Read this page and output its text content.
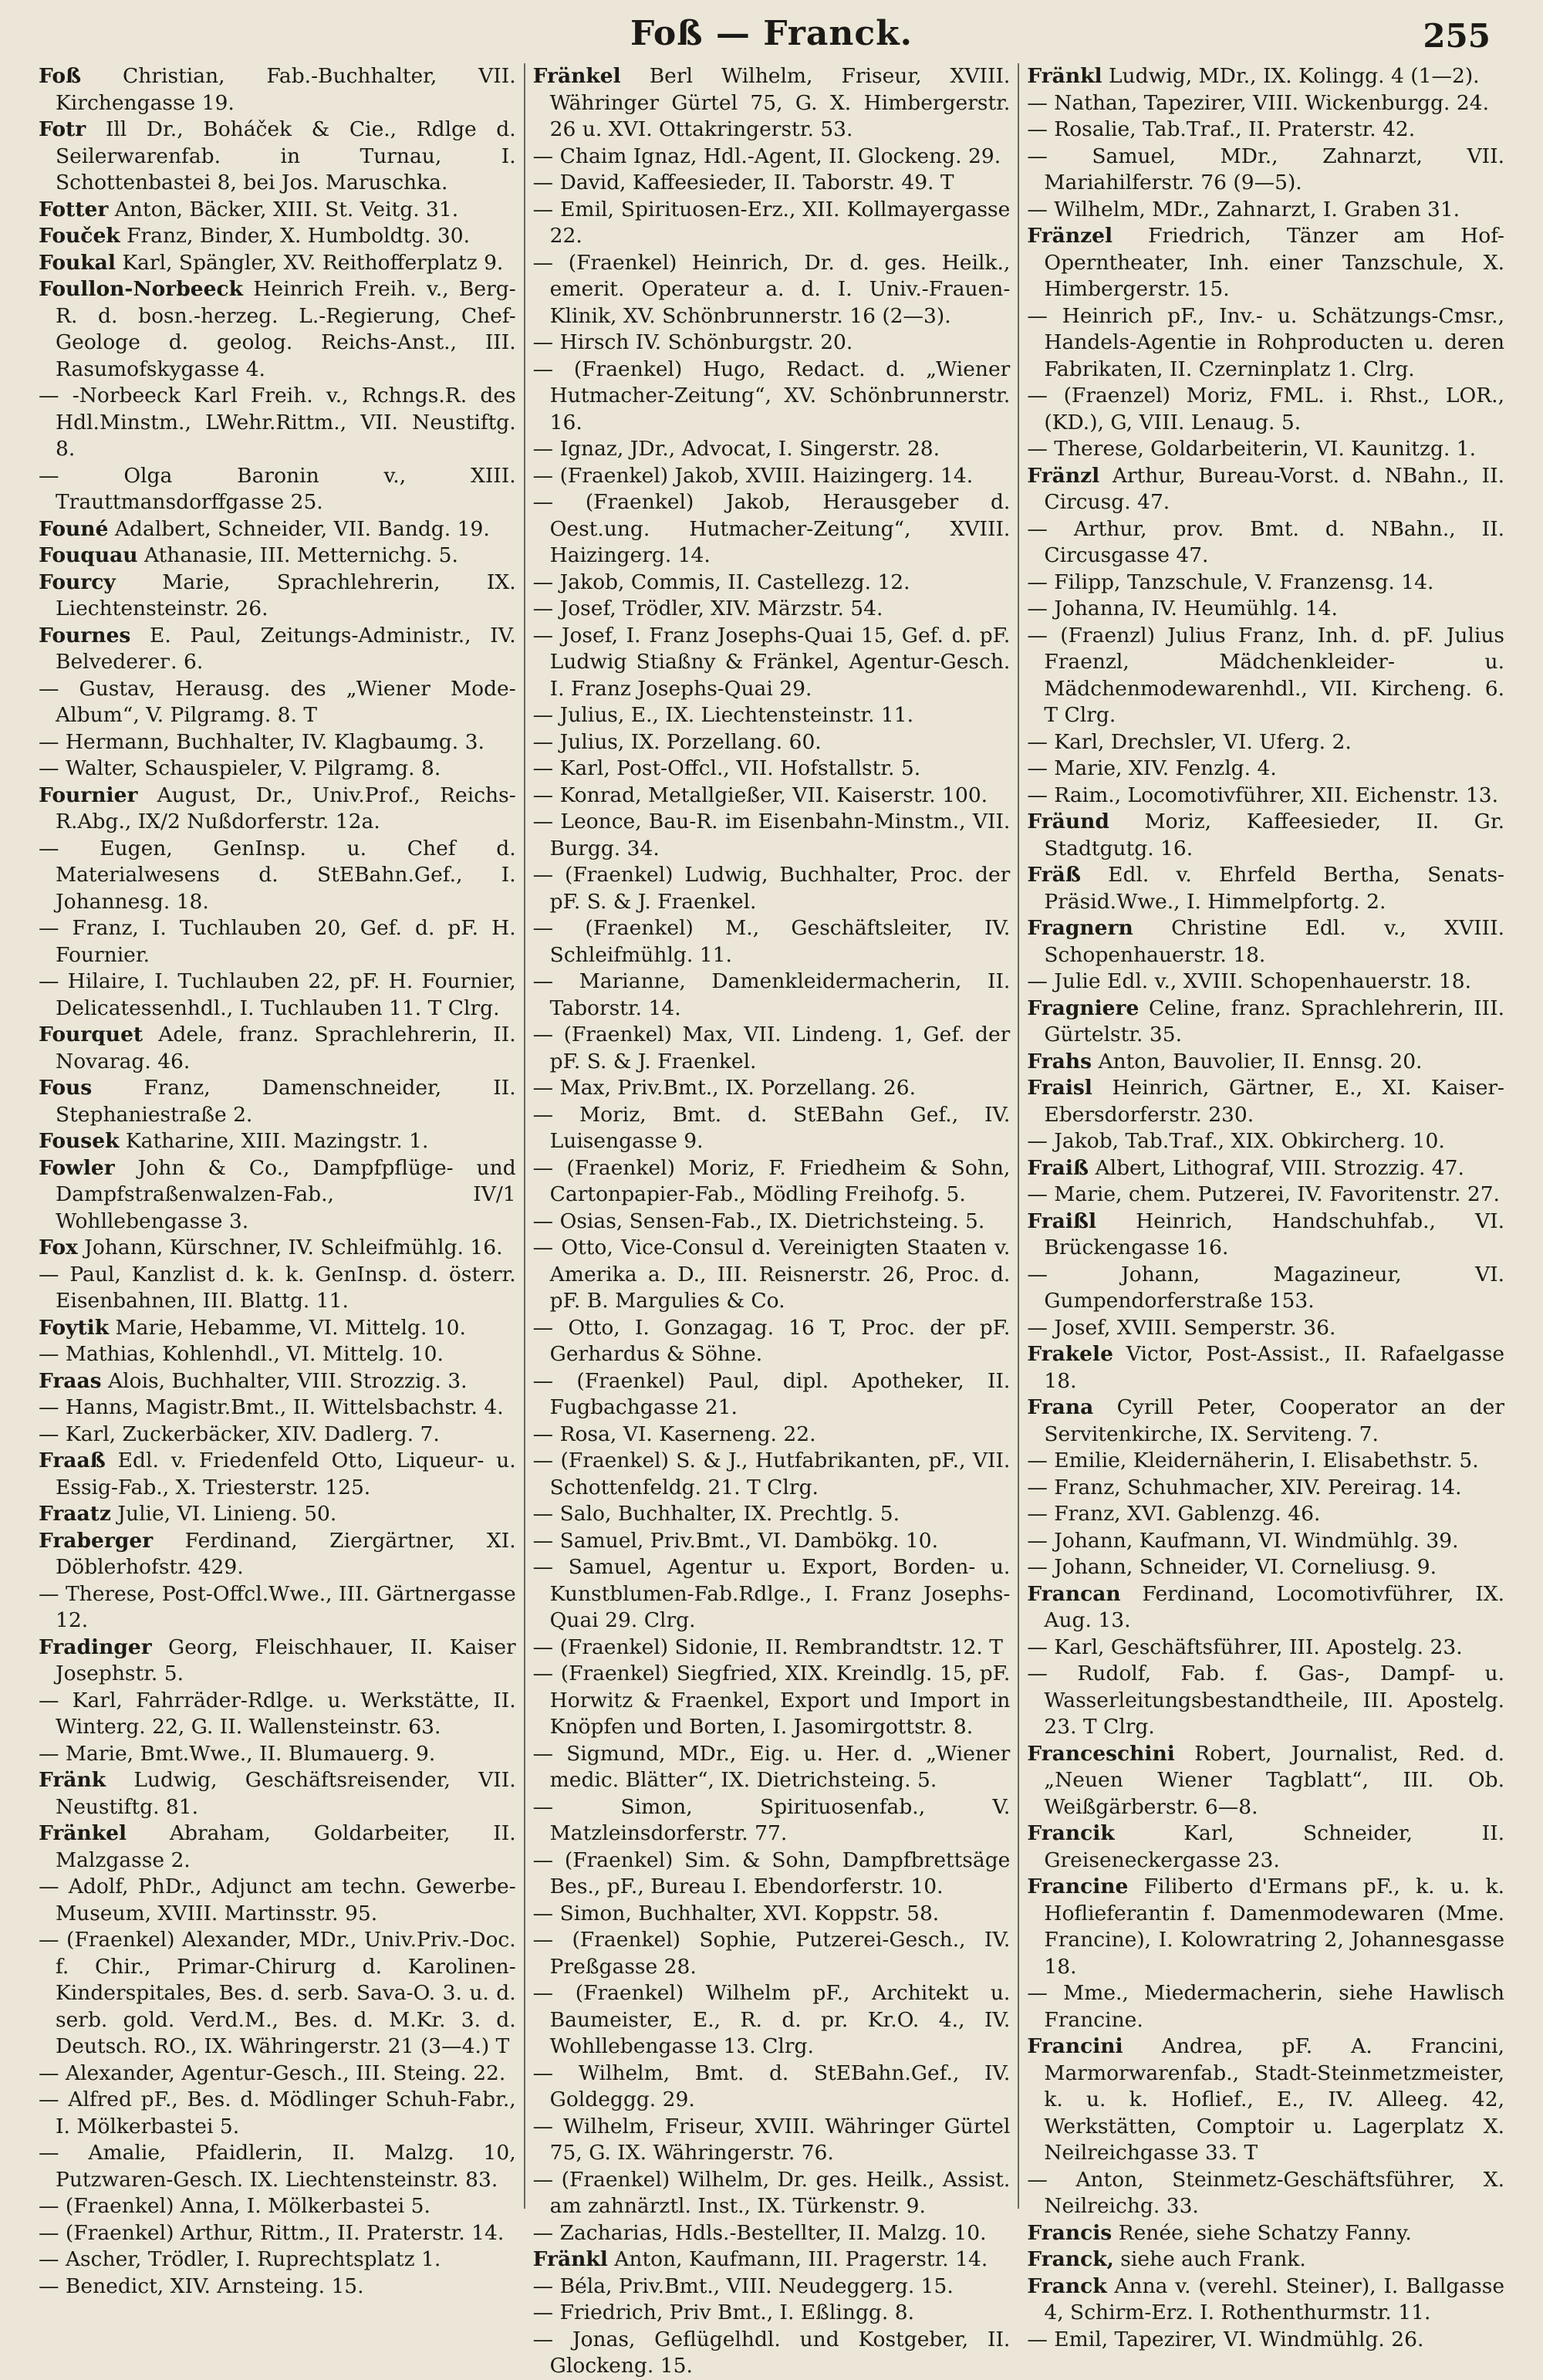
Foß — Franck.	255

Foß Christian, Fab.-Buchhalter, VII. Kirchengasse 19.

Fotr Ill Dr., Boháček & Cie., Rdlge d. Seilerwarenfab. in Turnau, I. Schottenbastei 8, bei Jos. Maruschka.

Fotter Anton, Bäcker, XIII. St. Veitg. 31.

Fouček Franz, Binder, X. Humboldtg. 30.

Foukal Karl, Spängler, XV. Reithofferplatz 9.

Foullon-Norbeeck Heinrich Freih. v., Berg-R. d. bosn.-herzeg. L.-Regierung, Chef-Geologe d. geolog. Reichs-Anst., III. Rasumofskygasse 4.

— -Norbeeck Karl Freih. v., Rchngs.R. des Hdl.Minstm., LWehr.Rittm., VII. Neustiftg. 8.

— Olga Baronin v., XIII. Trauttmansdorffgasse 25.

Founé Adalbert, Schneider, VII. Bandg. 19.

Fouquau Athanasie, III. Metternichg. 5.

Fourcy Marie, Sprachlehrerin, IX. Liechtensteinstr. 26.

Fournes E. Paul, Zeitungs-Administr., IV. Belvederег. 6.

— Gustav, Herausg. des „Wiener Mode-Album“, V. Pilgramg. 8. T

— Hermann, Buchhalter, IV. Klagbaumg. 3.

— Walter, Schauspieler, V. Pilgramg. 8.

Fournier August, Dr., Univ.Prof., Reichs-R.Abg., IX/2 Nußdorferstr. 12a.

— Eugen, GenInsp. u. Chef d. Materialwesens d. StEBahn.Gef., I. Johannesg. 18.

— Franz, I. Tuchlauben 20, Gef. d. pF. H. Fournier.

— Hilaire, I. Tuchlauben 22, pF. H. Fournier, Delicatessenhdl., I. Tuchlauben 11. T Clrg.

Fourquet Adele, franz. Sprachlehrerin, II. Novarag. 46.

Fous Franz, Damenschneider, II. Stephaniestraße 2.

Fousek Katharine, XIII. Mazingstr. 1.

Fowler John & Co., Dampfpflüge- und Dampfstraßenwalzen-Fab., IV/1 Wohllebengasse 3.

Fox Johann, Kürschner, IV. Schleifmühlg. 16.

— Paul, Kanzlist d. k. k. GenInsp. d. österr. Eisenbahnen, III. Blattg. 11.

Foytik Marie, Hebamme, VI. Mittelg. 10.

— Mathias, Kohlenhdl., VI. Mittelg. 10.

Fraas Alois, Buchhalter, VIII. Strozzig. 3.

— Hanns, Magistr.Bmt., II. Wittelsbachstr. 4.

— Karl, Zuckerbäcker, XIV. Dadlerg. 7.

Fraaß Edl. v. Friedenfeld Otto, Liqueur- u. Essig-Fab., X. Triesterstr. 125.

Fraatz Julie, VI. Linieng. 50.

Fraberger Ferdinand, Ziergärtner, XI. Döblerhofstr. 429.

— Therese, Post-Offcl.Wwe., III. Gärtnergasse 12.

Fradinger Georg, Fleischhauer, II. Kaiser Josephstr. 5.

— Karl, Fahrräder-Rdlge. u. Werkstätte, II. Winterg. 22, G. II. Wallensteinstr. 63.

— Marie, Bmt.Wwe., II. Blumauerg. 9.

Fränk Ludwig, Geschäftsreisender, VII. Neustiftg. 81.

Fränkel Abraham, Goldarbeiter, II. Malzgasse 2.

— Adolf, PhDr., Adjunct am techn. Gewerbe-Museum, XVIII. Martinsstr. 95.

— (Fraenkel) Alexander, MDr., Univ.Priv.-Doc. f. Chir., Primar-Chirurg d. Karolinen-Kinderspitales, Bes. d. serb. Sava-O. 3. u. d. serb. gold. Verd.M., Bes. d. M.Kr. 3. d. Deutsch. RO., IX. Währingerstr. 21 (3—4.) T

— Alexander, Agentur-Gesch., III. Steing. 22.

— Alfred pF., Bes. d. Mödlinger Schuh-Fabr., I. Mölkerbastei 5.

— Amalie, Pfaidlerin, II. Malzg. 10, Putzwaren-Gesch. IX. Liechtensteinstr. 83.

— (Fraenkel) Anna, I. Mölkerbastei 5.

— (Fraenkel) Arthur, Rittm., II. Praterstr. 14.

— Ascher, Trödler, I. Ruprechtsplatz 1.

— Benedict, XIV. Arnsteing. 15.

Fränkel Berl Wilhelm, Friseur, XVIII. Währinger Gürtel 75, G. X. Himbergerstr. 26 u. XVI. Ottakringerstr. 53.

— Chaim Ignaz, Hdl.-Agent, II. Glockeng. 29.

— David, Kaffeesieder, II. Taborstr. 49. T

— Emil, Spirituosen-Erz., XII. Kollmayergasse 22.

— (Fraenkel) Heinrich, Dr. d. ges. Heilk., emerit. Operateur a. d. I. Univ.-Frauen-Klinik, XV. Schönbrunnerstr. 16 (2—3).

— Hirsch IV. Schönburgstr. 20.

— (Fraenkel) Hugo, Redact. d. „Wiener Hutmacher-Zeitung“, XV. Schönbrunnerstr. 16.

— Ignaz, JDr., Advocat, I. Singerstr. 28.

— (Fraenkel) Jakob, XVIII. Haizingerg. 14.

— (Fraenkel) Jakob, Herausgeber d. Oest.ung. Hutmacher-Zeitung“, XVIII. Haizingerg. 14.

— Jakob, Commis, II. Castellezg. 12.

— Josef, Trödler, XIV. Märzstr. 54.

— Josef, I. Franz Josephs-Quai 15, Gef. d. pF. Ludwig Stiaßny & Fränkel, Agentur-Gesch. I. Franz Josephs-Quai 29.

— Julius, E., IX. Liechtensteinstr. 11.

— Julius, IX. Porzellang. 60.

— Karl, Post-Offcl., VII. Hofstallstr. 5.

— Konrad, Metallgießer, VII. Kaiserstr. 100.

— Leonce, Bau-R. im Eisenbahn-Minstm., VII. Burgg. 34.

— (Fraenkel) Ludwig, Buchhalter, Proc. der pF. S. & J. Fraenkel.

— (Fraenkel) M., Geschäftsleiter, IV. Schleifmühlg. 11.

— Marianne, Damenkleidermacherin, II. Taborstr. 14.

— (Fraenkel) Max, VII. Lindeng. 1, Gef. der pF. S. & J. Fraenkel.

— Max, Priv.Bmt., IX. Porzellang. 26.

— Moriz, Bmt. d. StEBahn Gef., IV. Luisengasse 9.

— (Fraenkel) Moriz, F. Friedheim & Sohn, Cartonpapier-Fab., Mödling Freihofg. 5.

— Osias, Sensen-Fab., IX. Dietrichsteing. 5.

— Otto, Vice-Consul d. Vereinigten Staaten v. Amerika a. D., III. Reisnerstr. 26, Proc. d. pF. B. Margulies & Co.

— Otto, I. Gonzagag. 16 T, Proc. der pF. Gerhardus & Söhne.

— (Fraenkel) Paul, dipl. Apotheker, II. Fugbachgasse 21.

— Rosa, VI. Kaserneng. 22.

— (Fraenkel) S. & J., Hutfabrikanten, pF., VII. Schottenfeldg. 21. T Clrg.

— Salo, Buchhalter, IX. Prechtlg. 5.

— Samuel, Priv.Bmt., VI. Dambökg. 10.

— Samuel, Agentur u. Export, Borden- u. Kunstblumen-Fab.Rdlge., I. Franz Josephs-Quai 29. Clrg.

— (Fraenkel) Sidonie, II. Rembrandtstr. 12. T

— (Fraenkel) Siegfried, XIX. Kreindlg. 15, pF. Horwitz & Fraenkel, Export und Import in Knöpfen und Borten, I. Jasomirgottstr. 8.

— Sigmund, MDr., Eig. u. Her. d. „Wiener medic. Blätter“, IX. Dietrichsteing. 5.

— Simon, Spirituosenfab., V. Matzleinsdorferstr. 77.

— (Fraenkel) Sim. & Sohn, Dampfbrettsäge Bes., pF., Bureau I. Ebendorferstr. 10.

— Simon, Buchhalter, XVI. Koppstr. 58.

— (Fraenkel) Sophie, Putzerei-Gesch., IV. Preßgasse 28.

— (Fraenkel) Wilhelm pF., Architekt u. Baumeister, E., R. d. pr. Kr.O. 4., IV. Wohllebengasse 13. Clrg.

— Wilhelm, Bmt. d. StEBahn.Gef., IV. Goldeggg. 29.

— Wilhelm, Friseur, XVIII. Währinger Gürtel 75, G. IX. Währingerstr. 76.

— (Fraenkel) Wilhelm, Dr. ges. Heilk., Assist. am zahnärztl. Inst., IX. Türkenstr. 9.

— Zacharias, Hdls.-Bestellter, II. Malzg. 10.

Fränkl Anton, Kaufmann, III. Pragerstr. 14.

— Béla, Priv.Bmt., VIII. Neudeggerg. 15.

— Friedrich, Priv Bmt., I. Eßlingg. 8.

— Jonas, Geflügelhdl. und Kostgeber, II. Glockeng. 15.

Fränkl Ludwig, MDr., IX. Kolingg. 4 (1—2).

— Nathan, Tapezirer, VIII. Wickenburgg. 24.

— Rosalie, Tab.Traf., II. Praterstr. 42.

— Samuel, MDr., Zahnarzt, VII. Mariahilferstr. 76 (9—5).

— Wilhelm, MDr., Zahnarzt, I. Graben 31.

Fränzel Friedrich, Tänzer am Hof-Operntheater, Inh. einer Tanzschule, X. Himbergerstr. 15.

— Heinrich pF., Inv.- u. Schätzungs-Cmsr., Handels-Agentie in Rohproducten u. deren Fabrikaten, II. Czerninplatz 1. Clrg.

— (Fraenzel) Moriz, FML. i. Rhst., LOR., (KD.), G, VIII. Lenaug. 5.

— Therese, Goldarbeiterin, VI. Kaunitzg. 1.

Fränzl Arthur, Bureau-Vorst. d. NBahn., II. Circusg. 47.

— Arthur, prov. Bmt. d. NBahn., II. Circusgasse 47.

— Filipp, Tanzschule, V. Franzensg. 14.

— Johanna, IV. Heumühlg. 14.

— (Fraenzl) Julius Franz, Inh. d. pF. Julius Fraenzl, Mädchenkleider- u. Mädchenmodewarenhdl., VII. Kircheng. 6. T Clrg.

— Karl, Drechsler, VI. Uferg. 2.

— Marie, XIV. Fenzlg. 4.

— Raim., Locomotivführer, XII. Eichenstr. 13.

Fräund Moriz, Kaffeesieder, II. Gr. Stadtgutg. 16.

Fräß Edl. v. Ehrfeld Bertha, Senats-Präsid.Wwe., I. Himmelpfortg. 2.

Fragnern Christine Edl. v., XVIII. Schopenhauerstr. 18.

— Julie Edl. v., XVIII. Schopenhauerstr. 18.

Fragniere Celine, franz. Sprachlehrerin, III. Gürtelstr. 35.

Frahs Anton, Bauvolier, II. Ennsg. 20.

Fraisl Heinrich, Gärtner, E., XI. Kaiser-Ebersdorferstr. 230.

— Jakob, Tab.Traf., XIX. Obkircherg. 10.

Fraiß Albert, Lithograf, VIII. Strozzig. 47.

— Marie, chem. Putzerei, IV. Favoritenstr. 27.

Fraißl Heinrich, Handschuhfab., VI. Brückengasse 16.

— Johann, Magazineur, VI. Gumpendorferstraße 153.

— Josef, XVIII. Semperstr. 36.

Frakele Victor, Post-Assist., II. Rafaelgasse 18.

Frana Cyrill Peter, Cooperator an der Servitenkirche, IX. Serviteng. 7.

— Emilie, Kleidernäherin, I. Elisabethstr. 5.

— Franz, Schuhmacher, XIV. Pereirag. 14.

— Franz, XVI. Gablenzg. 46.

— Johann, Kaufmann, VI. Windmühlg. 39.

— Johann, Schneider, VI. Corneliusg. 9.

Francan Ferdinand, Locomotivführer, IX. Aug. 13.

— Karl, Geschäftsführer, III. Apostelg. 23.

— Rudolf, Fab. f. Gas-, Dampf- u. Wasserleitungsbestandtheile, III. Apostelg. 23. T Clrg.

Franceschini Robert, Journalist, Red. d. „Neuen Wiener Tagblatt“, III. Ob. Weißgärberstr. 6—8.

Francik Karl, Schneider, II. Greiseneckergasse 23.

Francine Filiberto d'Ermans pF., k. u. k. Hoflieferantin f. Damenmodewaren (Mme. Francine), I. Kolowratring 2, Johannesgasse 18.

— Mme., Miedermacherin, siehe Hawlisch Francine.

Francini Andrea, pF. A. Francini, Marmorwarenfab., Stadt-Steinmetzmeister, k. u. k. Hoflief., E., IV. Alleeg. 42, Werkstätten, Comptoir u. Lagerplatz X. Neilreichgasse 33. T

— Anton, Steinmetz-Geschäftsführer, X. Neilreichg. 33.

Francis Renée, siehe Schatzy Fanny.

Franck, siehe auch Frank.

Franck Anna v. (verehl. Steiner), I. Ballgasse 4, Schirm-Erz. I. Rothenthurmstr. 11.

— Emil, Tapezirer, VI. Windmühlg. 26.
